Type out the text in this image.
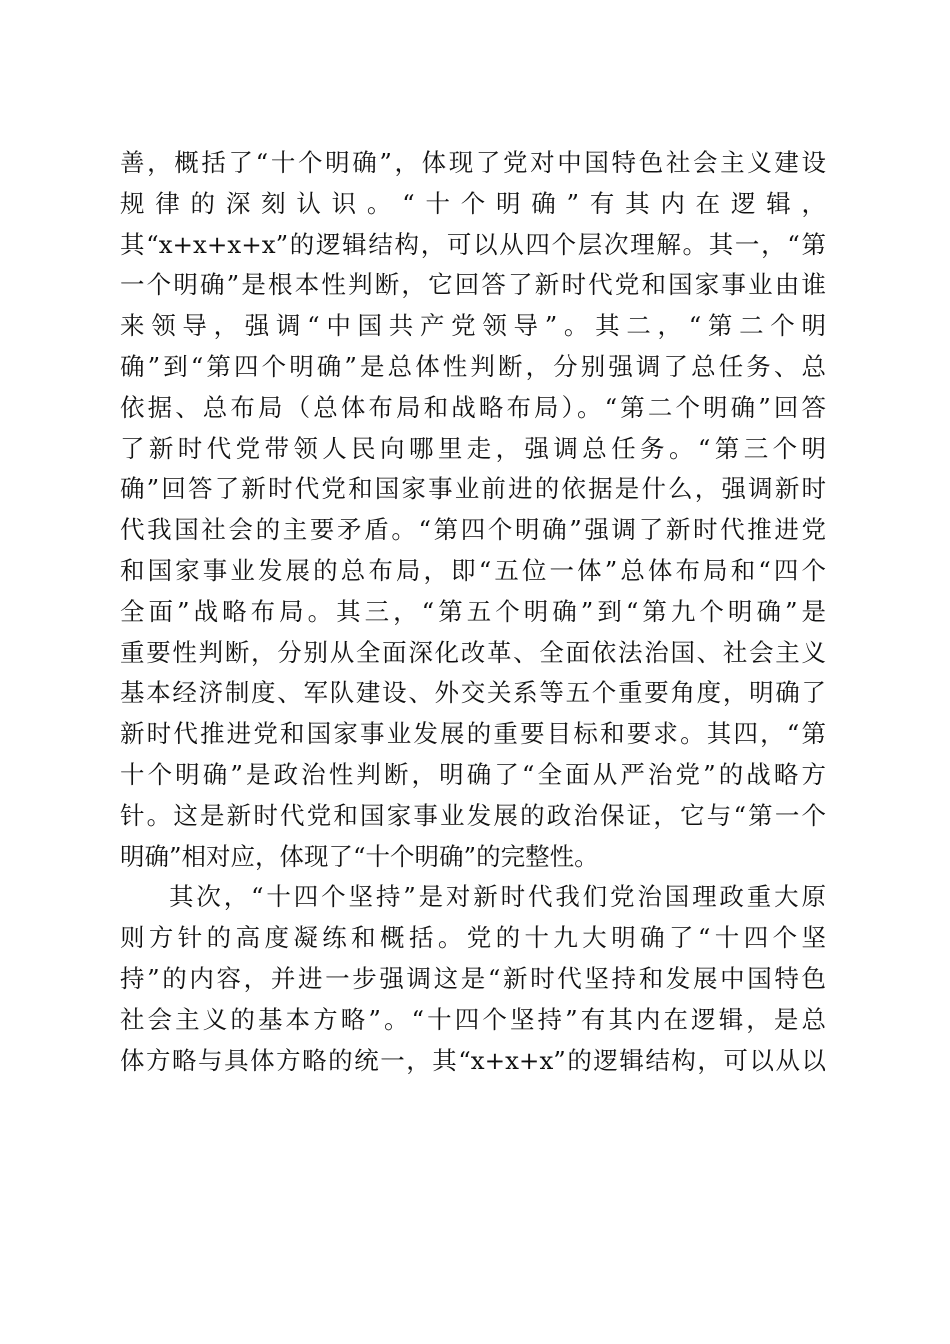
善，概括了“十个明确”，体现了党对中国特色社会主义建设
规律的深刻认识。“十个明确”有其内在逻辑，
其“x+x+x+x”的逻辑结构，可以从四个层次理解。其一，“第
一个明确”是根本性判断，它回答了新时代党和国家事业由谁
来领导，强调“中国共产党领导”。其二，“第二个明
确”到“第四个明确”是总体性判断，分别强调了总任务、总
依据、总布局（总体布局和战略布局）。“第二个明确”回答
了新时代党带领人民向哪里走，强调总任务。“第三个明
确”回答了新时代党和国家事业前进的依据是什么，强调新时
代我国社会的主要矛盾。“第四个明确”强调了新时代推进党
和国家事业发展的总布局，即“五位一体”总体布局和“四个
全面”战略布局。其三，“第五个明确”到“第九个明确”是
重要性判断，分别从全面深化改革、全面依法治国、社会主义
基本经济制度、军队建设、外交关系等五个重要角度，明确了
新时代推进党和国家事业发展的重要目标和要求。其四，“第
十个明确”是政治性判断，明确了“全面从严治党”的战略方
针。这是新时代党和国家事业发展的政治保证，它与“第一个
明确”相对应，体现了“十个明确”的完整性。
其次，“十四个坚持”是对新时代我们党治国理政重大原
则方针的高度凝练和概括。党的十九大明确了“十四个坚
持”的内容，并进一步强调这是“新时代坚持和发展中国特色
社会主义的基本方略”。“十四个坚持”有其内在逻辑，是总
体方略与具体方略的统一，其“x+x+x”的逻辑结构，可以从以
